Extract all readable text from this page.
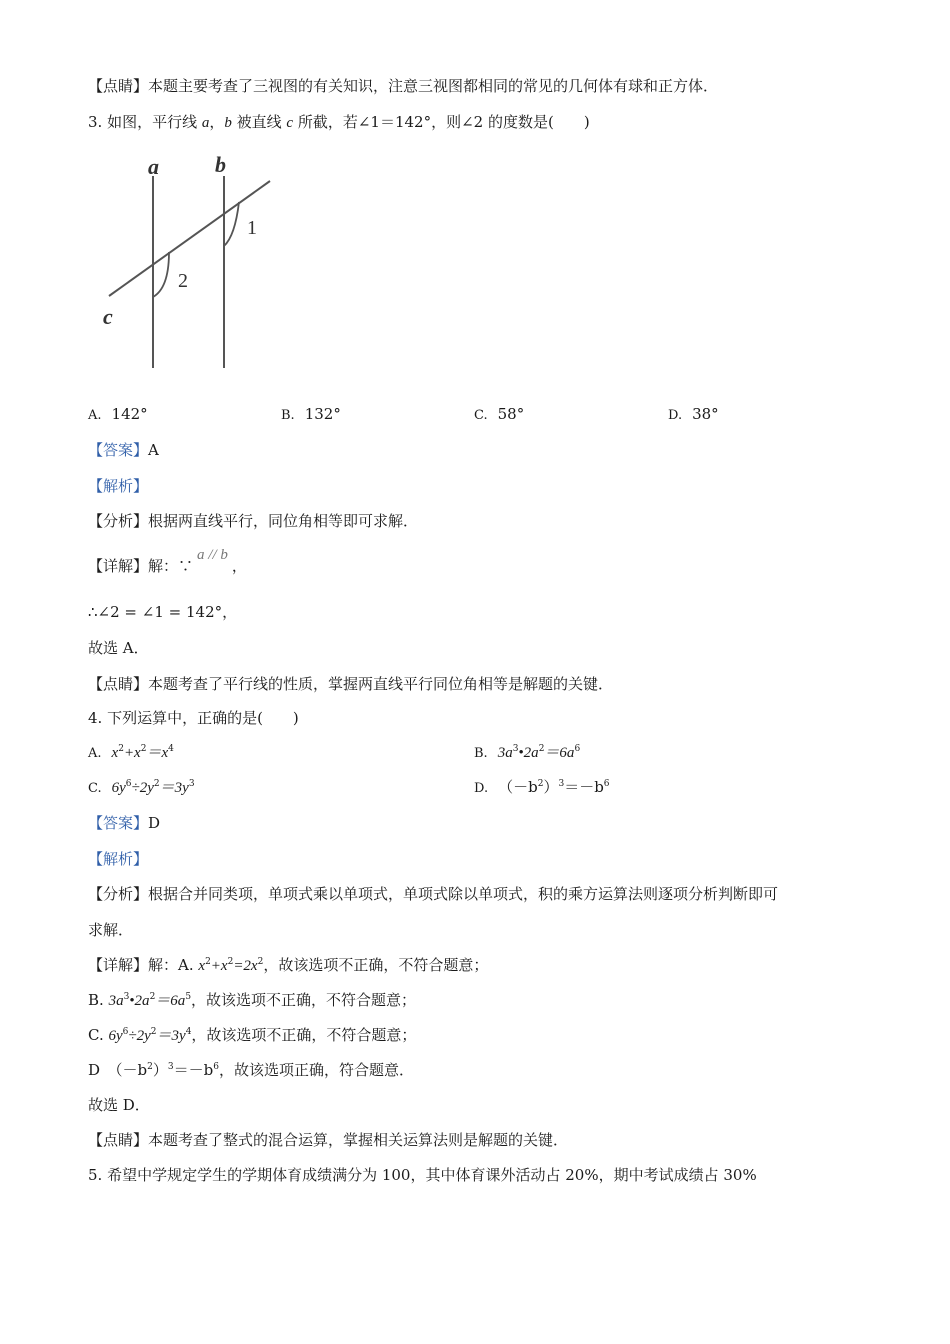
【点睛】本题主要考查了三视图的有关知识，注意三视图都相同的常见的几何体有球和正方体．
3. 如图，平行线 a，b 被直线 c 所截，若∠1＝142°，则∠2 的度数是(　　)
a	b
c
1
2
A. 142°	B. 132°	C. 58°	D. 38°
【答案】A
【解析】
【分析】根据两直线平行，同位角相等即可求解．
【详解】解：∵a // b，
∴∠2 = ∠1 = 142°，
故选 A．
【点睛】本题考查了平行线的性质，掌握两直线平行同位角相等是解题的关键．
4. 下列运算中，正确的是(　　)
A. $x^2+x^2=x^4$	B. $3a^3•2a^2=6a^6$
C. $6y^6\div 2y^2=3y^3$	D. $(-b^2)^3=-b^6$
【答案】D
【解析】
【分析】根据合并同类项，单项式乘以单项式，单项式除以单项式，积的乘方运算法则逐项分析判断即可
求解．
【详解】解：A. $x^2+x^2=2x^2$，故该选项不正确，不符合题意；
B. $3a^3•2a^2=6a^5$，故该选项不正确，不符合题意；
C. $6y^6\div 2y^2=3y^4$，故该选项不正确，不符合题意；
D　$(-b^2)^3=-b^6$，故该选项正确，符合题意．
故选 D．
【点睛】本题考查了整式的混合运算，掌握相关运算法则是解题的关键．
5. 希望中学规定学生的学期体育成绩满分为 100，其中体育课外活动占 20%，期中考试成绩占 30%
